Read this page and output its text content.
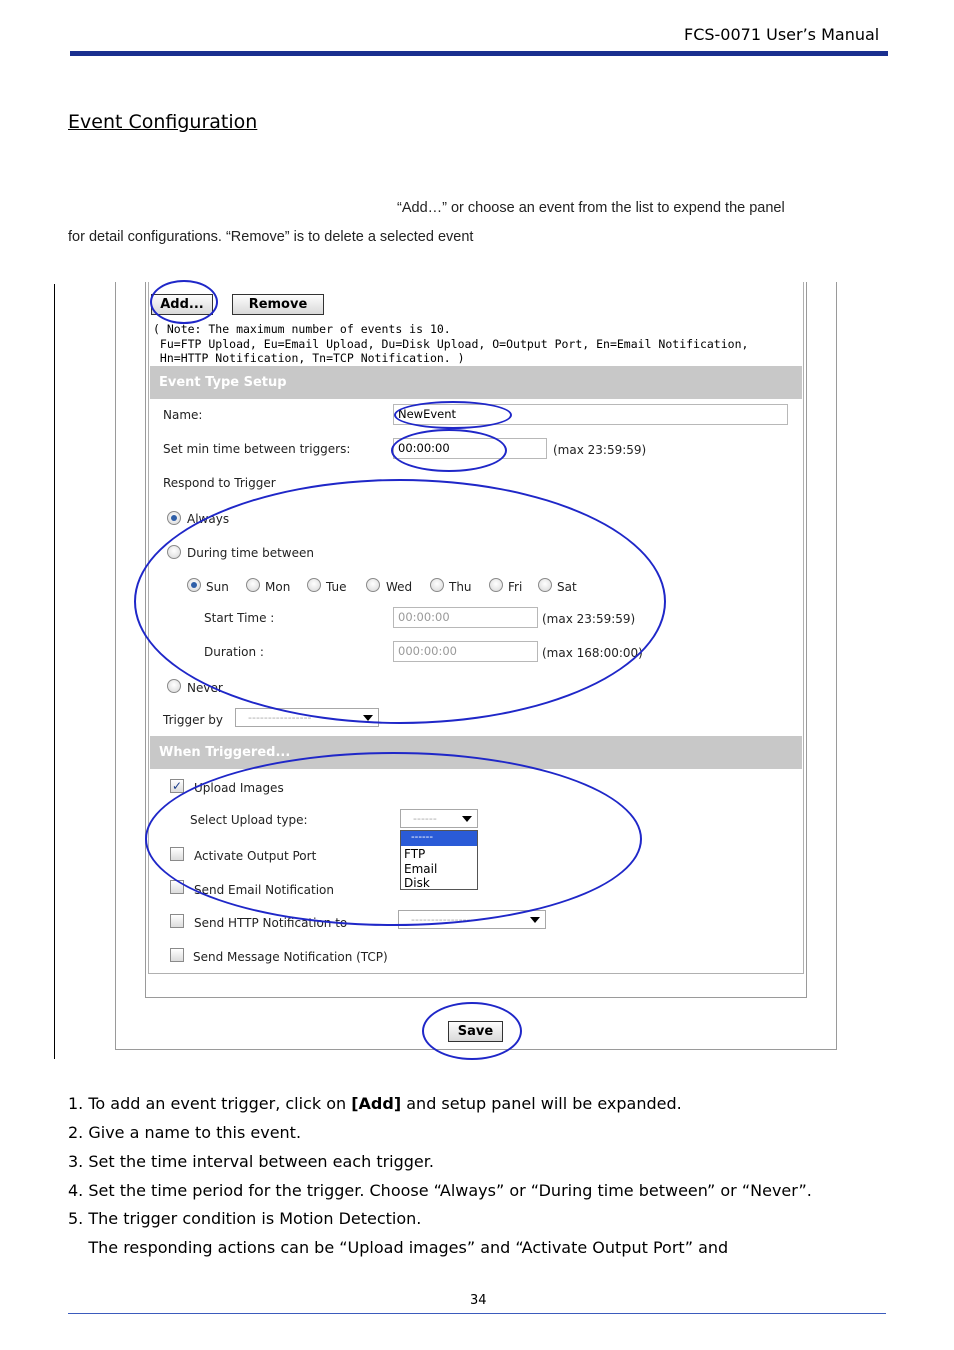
FCS-0071 User’s Manual
Event Configuration
“Add…” or choose an event from the list to expend the panel
for detail configurations. “Remove” is to delete a selected event
Add...	Remove
( Note: The maximum number of events is 10.
Fu=FTP Upload, Eu=Email Upload, Du=Disk Upload, O=Output Port, En=Email Notification,
Hn=HTTP Notification, Tn=TCP Notification. )
Event Type Setup
Name:	NewEvent
Set min time between triggers:	00:00:00	(max 23:59:59)
Respond to Trigger
Always
During time between
Sun	Mon	Tue	Wed	Thu	Fri	Sat
Start Time :	00:00:00	(max 23:59:59)
Duration :	000:00:00	(max 168:00:00)
Never
Trigger by	----------------
When Triggered...
✓ Upload Images
Select Upload type:	------
------
FTP
Email
Disk
Activate Output Port
Send Email Notification
Send HTTP Notification to	----------------
Send Message Notification (TCP)
Save
1. To add an event trigger, click on [Add] and setup panel will be expanded.
2. Give a name to this event.
3. Set the time interval between each trigger.
4. Set the time period for the trigger. Choose “Always” or “During time between” or “Never”.
5. The trigger condition is Motion Detection.
The responding actions can be “Upload images” and “Activate Output Port” and
34
